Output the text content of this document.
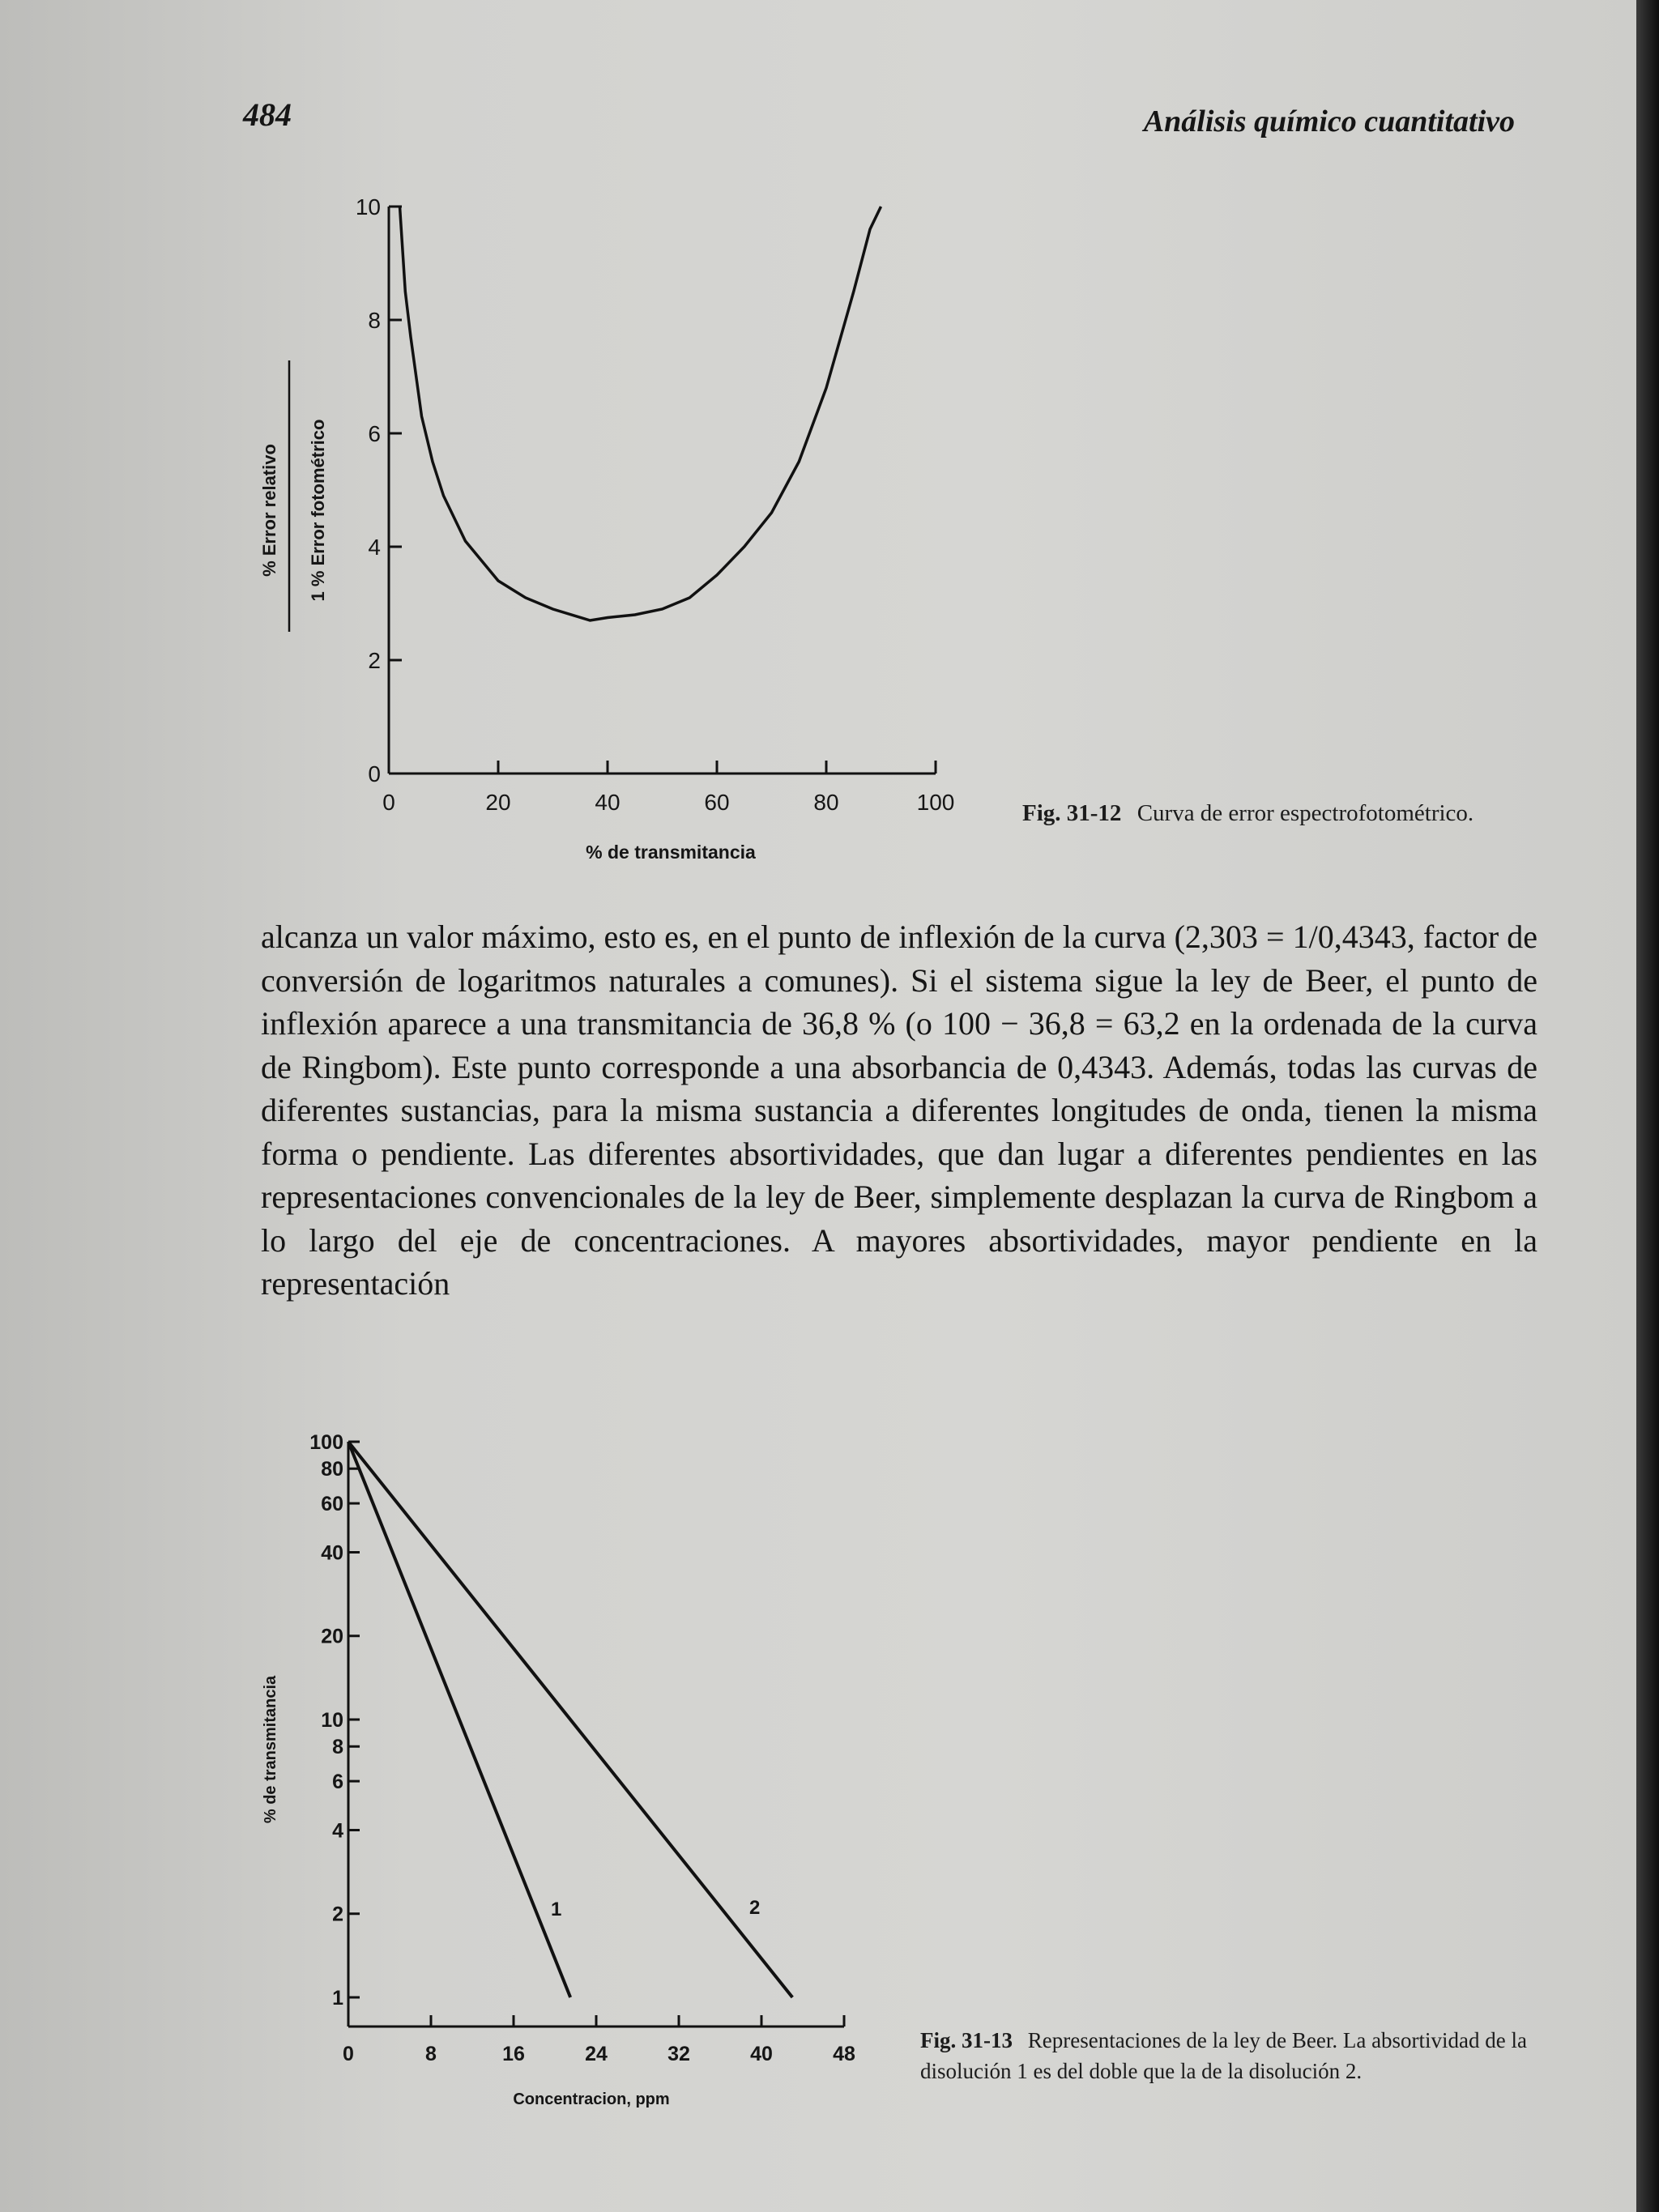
484	Análisis químico cuantitativo
0
2
4
6
8
10
0	20	40	60	80	100
% Error relativo 1 % Error fotométrico
% de transmitancia
Fig. 31-12 Curva de error espectrofotométrico.

alcanza un valor máximo, esto es, en el punto de inflexión de la curva (2,303 = 1/0,4343, factor de conversión de logaritmos naturales a comunes). Si el sistema sigue la ley de Beer, el punto de inflexión aparece a una transmitancia de 36,8 % (o 100 − 36,8 = 63,2 en la ordenada de la curva de Ringbom). Este punto corresponde a una absorbancia de 0,4343. Además, todas las curvas de diferentes sustancias, para la misma sustancia a diferentes longitudes de onda, tienen la misma forma o pendiente. Las diferentes absortividades, que dan lugar a diferentes pendientes en las representaciones convencionales de la ley de Beer, simplemente desplazan la curva de Ringbom a lo largo del eje de concentraciones. A mayores absortividades, mayor pendiente en la representación

100
80
60
40
20
10
8
6
4
2
1
0	8	16	24	32	40	48
1	2
% de transmitancia
Concentracion, ppm
Fig. 31-13 Representaciones de la ley de Beer. La absortividad de la disolución 1 es del doble que la de la disolución 2.
